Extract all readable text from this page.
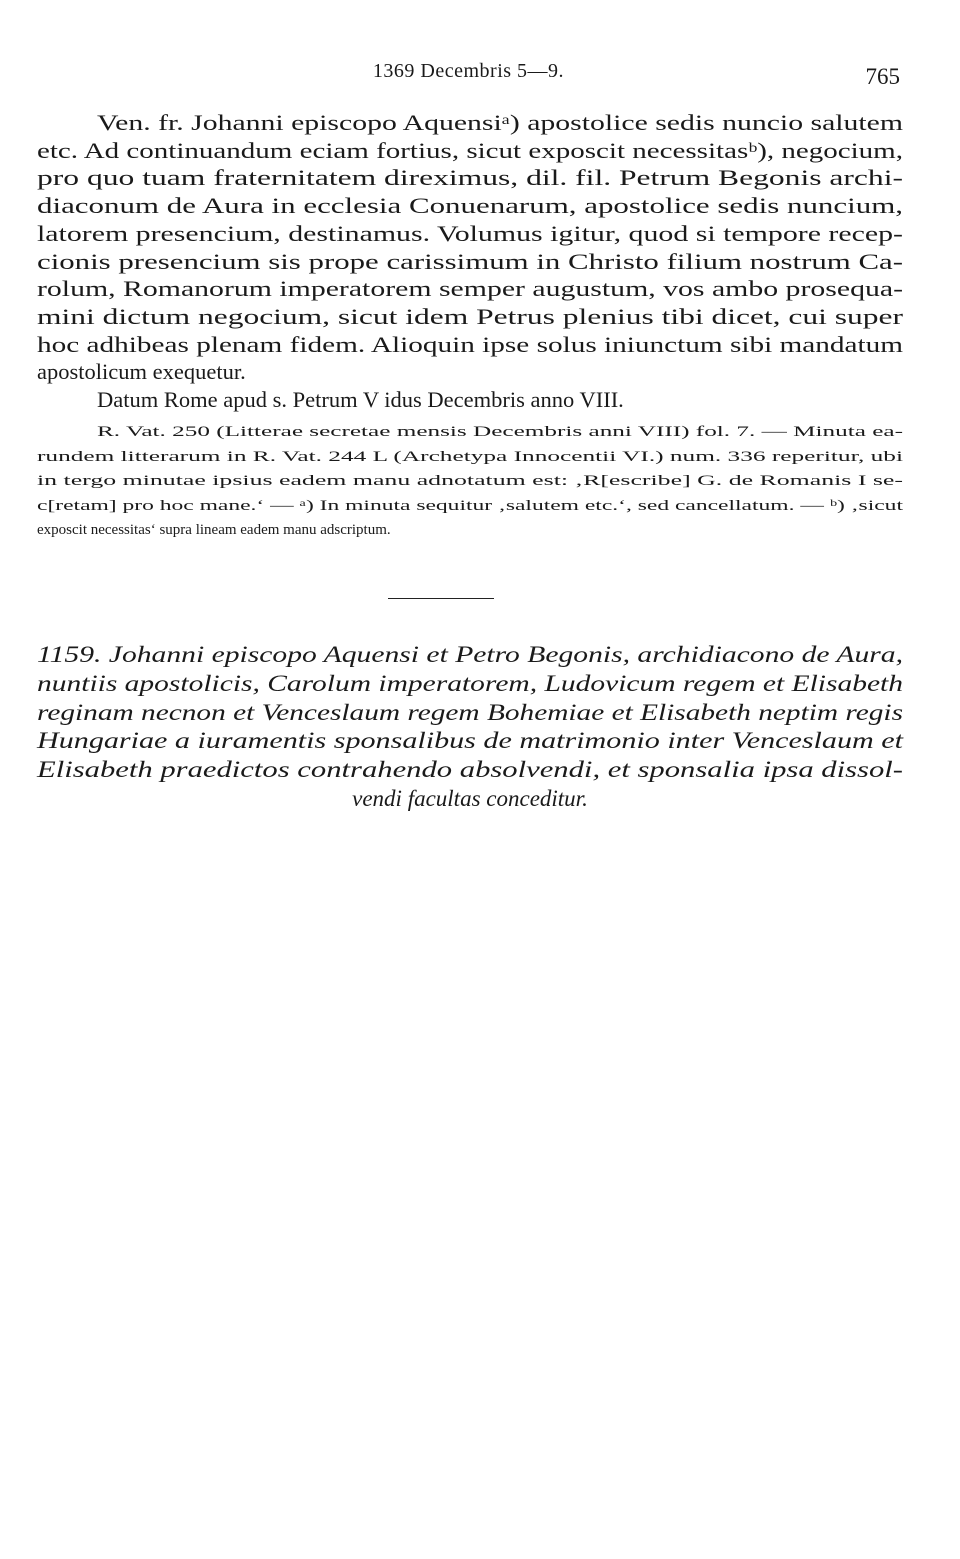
1369 Decembris 5—9.	765
Ven. fr. Johanni episcopo Aquensiᵃ) apostolice sedis nuncio salutem
etc. Ad continuandum eciam fortius, sicut exposcit necessitasᵇ), negocium,
pro quo tuam fraternitatem direximus, dil. fil. Petrum Begonis archi-
diaconum de Aura in ecclesia Conuenarum, apostolice sedis nuncium,
latorem presencium, destinamus. Volumus igitur, quod si tempore recep-
cionis presencium sis prope carissimum in Christo filium nostrum Ca-
rolum, Romanorum imperatorem semper augustum, vos ambo prosequa-
mini dictum negocium, sicut idem Petrus plenius tibi dicet, cui super
hoc adhibeas plenam fidem. Alioquin ipse solus iniunctum sibi mandatum
apostolicum exequetur.
Datum Rome apud s. Petrum V idus Decembris anno VIII.
R. Vat. 250 (Litterae secretae mensis Decembris anni VIII) fol. 7. — Minuta ea-
rundem litterarum in R. Vat. 244 L (Archetypa Innocentii VI.) num. 336 reperitur, ubi
in tergo minutae ipsius eadem manu adnotatum est: ‚R[escribe] G. de Romanis I se-
c[retam] pro hoc mane.‘ — ᵃ) In minuta sequitur ‚salutem etc.‘, sed cancellatum. — ᵇ) ‚sicut
exposcit necessitas‘ supra lineam eadem manu adscriptum.
1159. Johanni episcopo Aquensi et Petro Begonis, archidiacono de Aura,
nuntiis apostolicis, Carolum imperatorem, Ludovicum regem et Elisabeth
reginam necnon et Venceslaum regem Bohemiae et Elisabeth neptim regis
Hungariae a iuramentis sponsalibus de matrimonio inter Venceslaum et
Elisabeth praedictos contrahendo absolvendi, et sponsalia ipsa dissol-
vendi facultas conceditur.
